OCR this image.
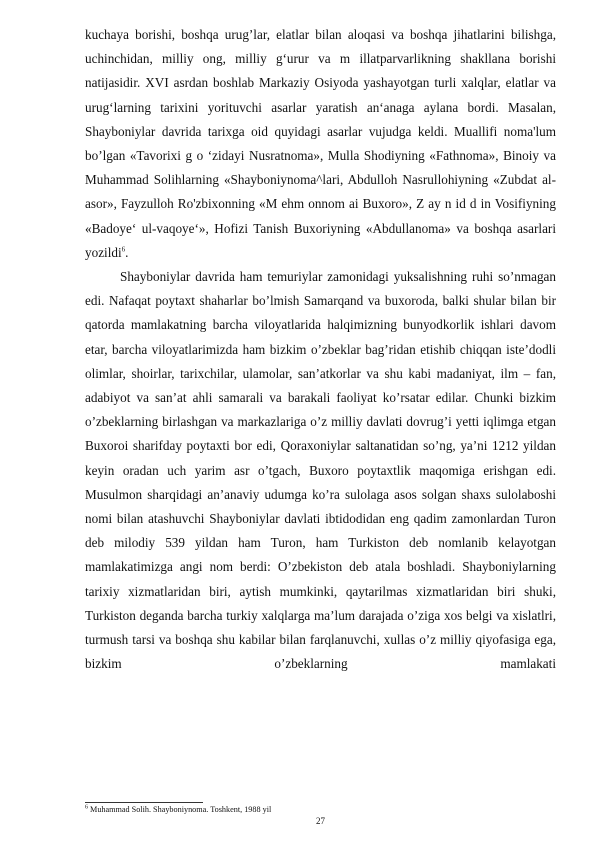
kuchaya borishi, boshqa urug’lar, elatlar bilan aloqasi va boshqa jihatlarini bilishga, uchinchidan, milliy ong, milliy g‘urur va m illatparvarlikning shakllana borishi natijasidir. XVI asrdan boshlab Markaziy Osiyoda yashayotgan turli xalqlar, elatlar va urug‘larning tarixini yorituvchi asarlar yaratish an‘anaga aylana bordi. Masalan, Shayboniylar davrida tarixga oid quyidagi asarlar vujudga keldi. Muallifi noma'lum bo’lgan «Tavorixi g o ‘zidayi Nusratnoma», Mulla Shodiyning «Fathnoma», Binoiy va Muhammad Solihlarning «Shayboniynoma^lari, Abdulloh Nasrullohiyning «Zubdat al-asor», Fayzulloh Ro'zbixonning «M ehm onnom ai Buxoro», Z ay n id d in Vosifiyning «Badoye‘ ul-vaqoye‘», Hofizi Tanish Buxoriyning «Abdullanoma» va boshqa asarlari yozildi$^6$.

Shayboniylar davrida ham temuriylar zamonidagi yuksalishning ruhi so’nmagan edi. Nafaqat poytaxt shaharlar bo’lmish Samarqand va buxoroda, balki shular bilan bir qatorda mamlakatning barcha viloyatlarida halqimizning bunyodkorlik ishlari davom etar, barcha viloyatlarimizda ham bizkim o’zbeklar bag’ridan etishib chiqqan iste’dodli olimlar, shoirlar, tarixchilar, ulamolar, san’atkorlar va shu kabi madaniyat, ilm – fan, adabiyot va san’at ahli samarali va barakali faoliyat ko’rsatar edilar. Chunki bizkim o’zbeklarning birlashgan va markazlariga o’z milliy davlati dovrug’i yetti iqlimga etgan Buxoroi sharifday poytaxti bor edi, Qoraxoniylar saltanatidan so’ng, ya’ni 1212 yildan keyin oradan uch yarim asr o’tgach, Buxoro poytaxtlik maqomiga erishgan edi. Musulmon sharqidagi an’anaviy udumga ko’ra sulolaga asos solgan shaxs sulolaboshi nomi bilan atashuvchi Shayboniylar davlati ibtidodidan eng qadim zamonlardan Turon deb milodiy 539 yildan ham Turon, ham Turkiston deb nomlanib kelayotgan mamlakatimizga angi nom berdi: O’zbekiston deb atala boshladi. Shayboniylarning tarixiy xizmatlaridan biri, aytish mumkinki, qaytarilmas xizmatlaridan biri shuki, Turkiston deganda barcha turkiy xalqlarga ma’lum darajada o’ziga xos belgi va xislatlri, turmush tarsi va boshqa shu kabilar bilan farqlanuvchi, xullas o’z milliy qiyofasiga ega, bizkim o’zbeklarning mamlakati

$^6$ Muhammad Solih. Shayboniynoma. Toshkent, 1988 yil
27
